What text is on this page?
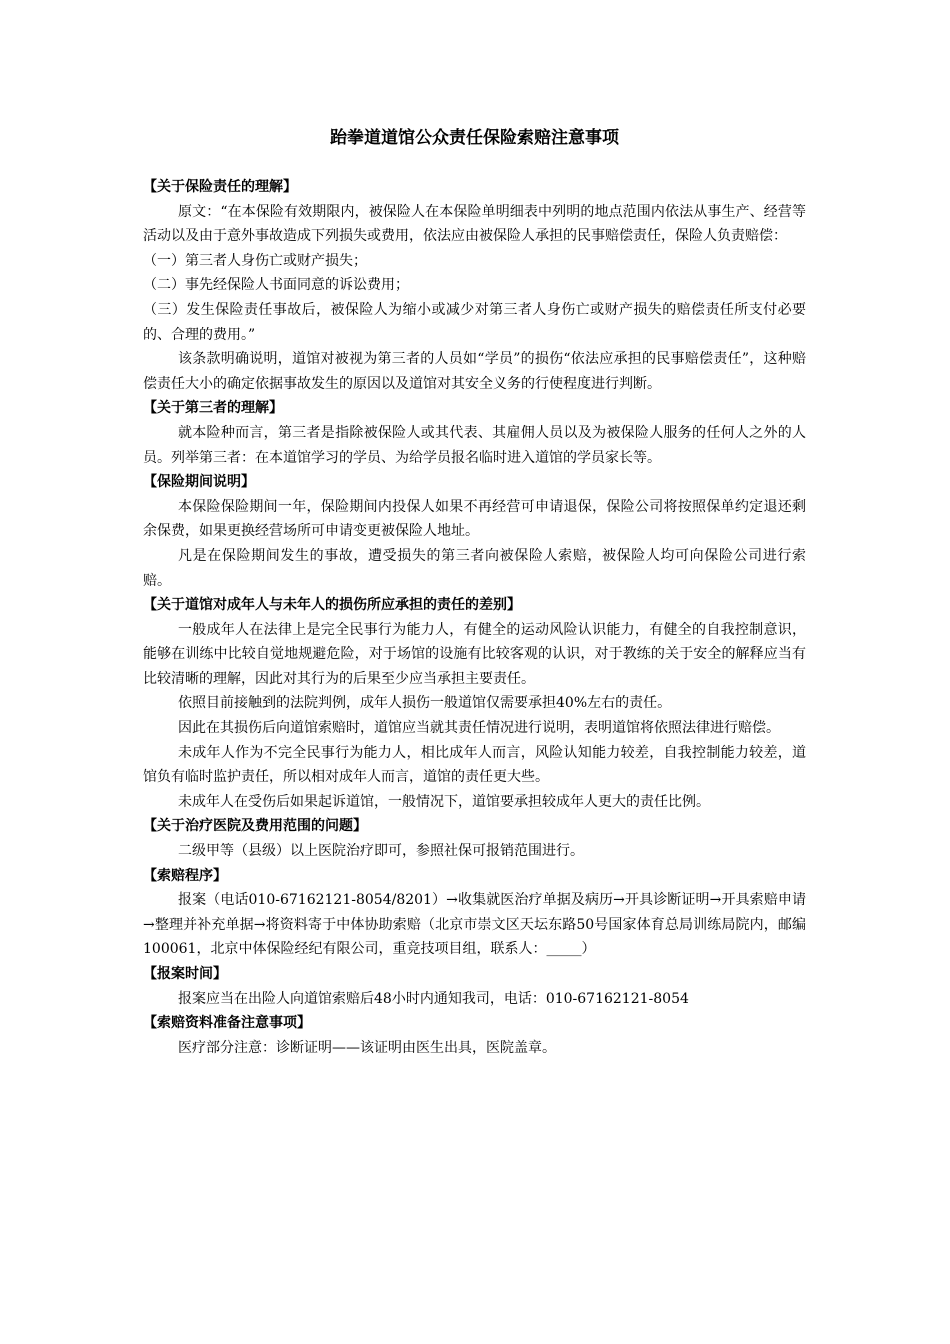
跆拳道道馆公众责任保险索赔注意事项
【关于保险责任的理解】
原文：“在本保险有效期限内，被保险人在本保险单明细表中列明的地点范围内依法从事生产、经营等活动以及由于意外事故造成下列损失或费用，依法应由被保险人承担的民事赔偿责任，保险人负责赔偿：
（一）第三者人身伤亡或财产损失；
（二）事先经保险人书面同意的诉讼费用；
（三）发生保险责任事故后，被保险人为缩小或减少对第三者人身伤亡或财产损失的赔偿责任所支付必要的、合理的费用。”
该条款明确说明，道馆对被视为第三者的人员如“学员”的损伤“依法应承担的民事赔偿责任”，这种赔偿责任大小的确定依据事故发生的原因以及道馆对其安全义务的行使程度进行判断。
【关于第三者的理解】
就本险种而言，第三者是指除被保险人或其代表、其雇佣人员以及为被保险人服务的任何人之外的人员。列举第三者：在本道馆学习的学员、为给学员报名临时进入道馆的学员家长等。
【保险期间说明】
本保险保险期间一年，保险期间内投保人如果不再经营可申请退保，保险公司将按照保单约定退还剩余保费，如果更换经营场所可申请变更被保险人地址。
凡是在保险期间发生的事故，遭受损失的第三者向被保险人索赔，被保险人均可向保险公司进行索赔。
【关于道馆对成年人与未年人的损伤所应承担的责任的差别】
一般成年人在法律上是完全民事行为能力人，有健全的运动风险认识能力，有健全的自我控制意识，能够在训练中比较自觉地规避危险，对于场馆的设施有比较客观的认识，对于教练的关于安全的解释应当有比较清晰的理解，因此对其行为的后果至少应当承担主要责任。
依照目前接触到的法院判例，成年人损伤一般道馆仅需要承担40%左右的责任。
因此在其损伤后向道馆索赔时，道馆应当就其责任情况进行说明，表明道馆将依照法律进行赔偿。
未成年人作为不完全民事行为能力人，相比成年人而言，风险认知能力较差，自我控制能力较差，道馆负有临时监护责任，所以相对成年人而言，道馆的责任更大些。
未成年人在受伤后如果起诉道馆，一般情况下，道馆要承担较成年人更大的责任比例。
【关于治疗医院及费用范围的问题】
二级甲等（县级）以上医院治疗即可，参照社保可报销范围进行。
【索赔程序】
报案（电话010-67162121-8054/8201）→收集就医治疗单据及病历→开具诊断证明→开具索赔申请→整理并补充单据→将资料寄于中体协助索赔（北京市崇文区天坛东路50号国家体育总局训练局院内，邮编100061，北京中体保险经纪有限公司，重竞技项目组，联系人：_____）
【报案时间】
报案应当在出险人向道馆索赔后48小时内通知我司，电话：010-67162121-8054
【索赔资料准备注意事项】
医疗部分注意：诊断证明——该证明由医生出具，医院盖章。
